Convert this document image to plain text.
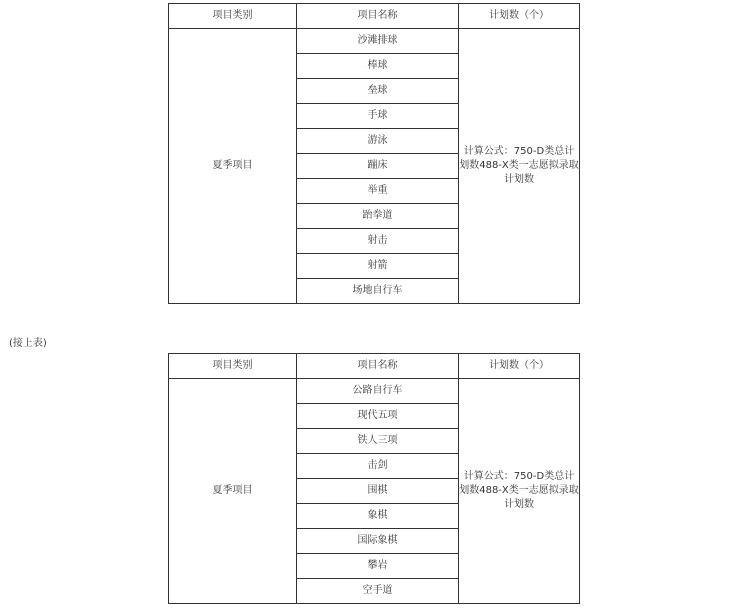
项目类别	项目名称	计划数（个）
夏季项目	沙滩排球	计算公式：750-D类总计划数488-X类一志愿拟录取计划数
	棒球	
	垒球	
	手球	
	游泳	
	蹦床	
	举重	
	跆拳道	
	射击	
	射箭	
	场地自行车	
(接上表)
项目类别	项目名称	计划数（个）
夏季项目	公路自行车	计算公式：750-D类总计划数488-X类一志愿拟录取计划数
	现代五项	
	铁人三项	
	击剑	
	围棋	
	象棋	
	国际象棋	
	攀岩	
	空手道	
